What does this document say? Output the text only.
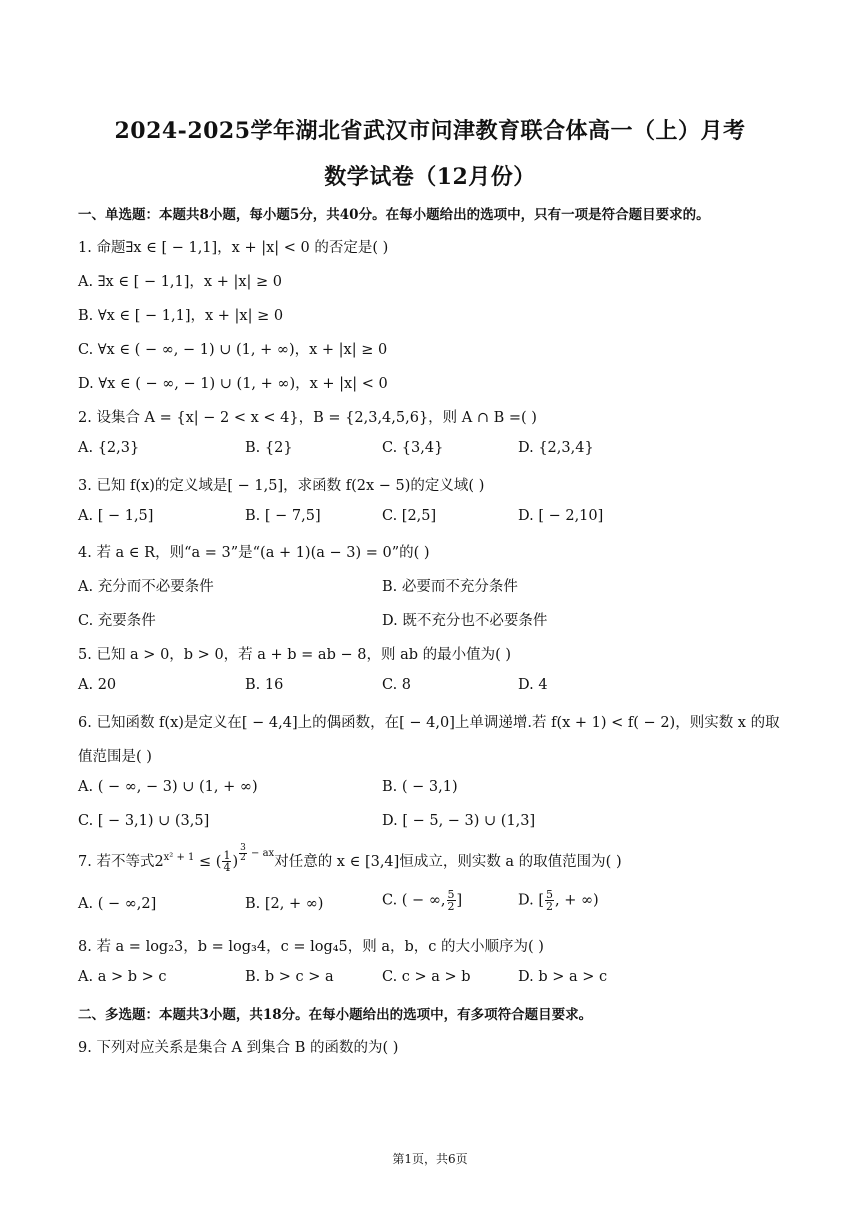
2024-2025学年湖北省武汉市问津教育联合体高一（上）月考
数学试卷（12月份）
一、单选题：本题共8小题，每小题5分，共40分。在每小题给出的选项中，只有一项是符合题目要求的。
1. 命题∃x ∈ [ − 1,1]，x + |x| < 0 的否定是( )
A. ∃x ∈ [ − 1,1]，x + |x| ≥ 0
B. ∀x ∈ [ − 1,1]，x + |x| ≥ 0
C. ∀x ∈ ( − ∞, − 1) ∪ (1, + ∞)，x + |x| ≥ 0
D. ∀x ∈ ( − ∞, − 1) ∪ (1, + ∞)，x + |x| < 0
2. 设集合 A = {x| − 2 < x < 4}，B = {2,3,4,5,6}，则 A ∩ B =( )
A. {2,3}	B. {2}	C. {3,4}	D. {2,3,4}
3. 已知 f(x)的定义域是[ − 1,5]，求函数 f(2x − 5)的定义域( )
A. [ − 1,5]	B. [ − 7,5]	C. [2,5]	D. [ − 2,10]
4. 若 a ∈ R，则“a = 3”是“(a + 1)(a − 3) = 0”的( )
A. 充分而不必要条件	B. 必要而不充分条件
C. 充要条件	D. 既不充分也不必要条件
5. 已知 a > 0，b > 0，若 a + b = ab − 8，则 ab 的最小值为( )
A. 20	B. 16	C. 8	D. 4
6. 已知函数 f(x)是定义在[ − 4,4]上的偶函数，在[ − 4,0]上单调递增.若 f(x + 1) < f( − 2)，则实数 x 的取
值范围是( )
A. ( − ∞, − 3) ∪ (1, + ∞)	B. ( − 3,1)
C. [ − 3,1) ∪ (3,5]	D. [ − 5, − 3) ∪ (1,3]
7. 若不等式$2^{x^2 + 1}$ ≤ ( $\frac{1}{4}$ ) $^{\frac{3}{2} - ax}$对任意的 x ∈ [3,4]恒成立，则实数 a 的取值范围为( )
A. ( − ∞,2]	B. [2, + ∞)	C. ( − ∞, $\frac{5}{2}$ ]	D. [ $\frac{5}{2}$ , + ∞)
8. 若 a = log₂3，b = log₃4，c = log₄5，则 a，b，c 的大小顺序为( )
A. a > b > c	B. b > c > a	C. c > a > b	D. b > a > c
二、多选题：本题共3小题，共18分。在每小题给出的选项中，有多项符合题目要求。
9. 下列对应关系是集合 A 到集合 B 的函数的为( )
第1页，共6页
